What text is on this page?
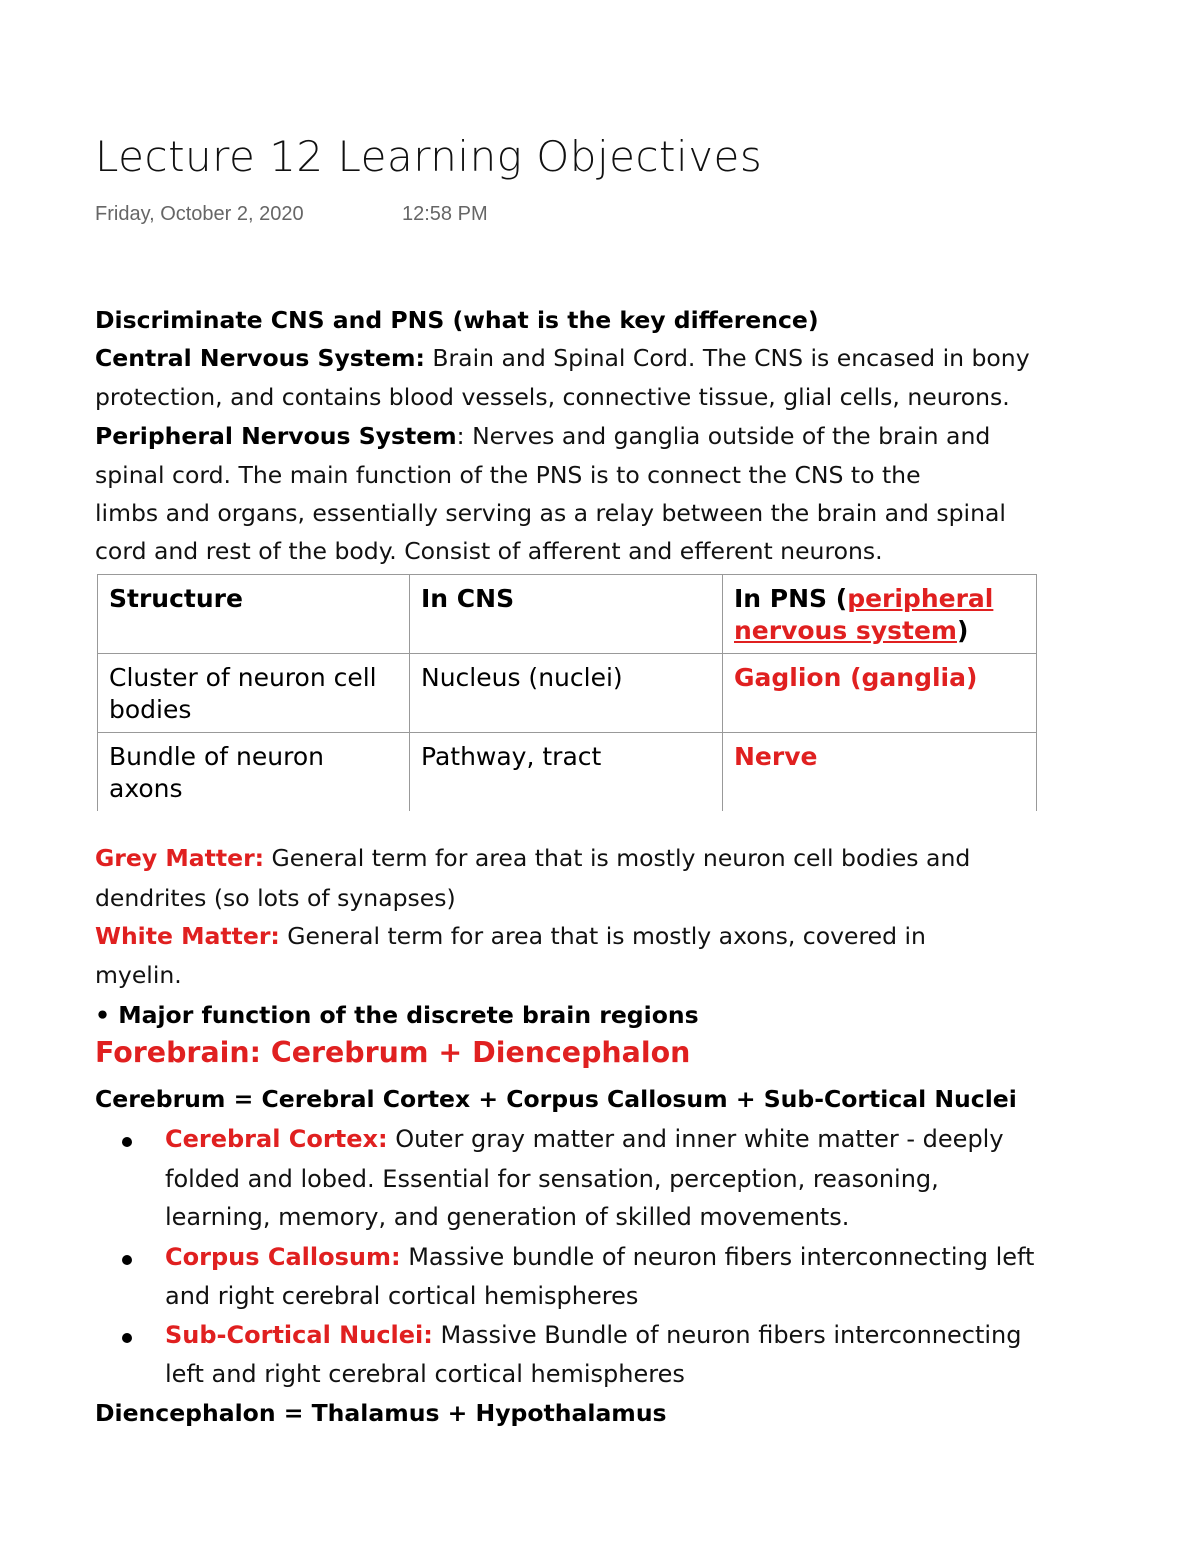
Lecture 12 Learning Objectives
Friday, October 2, 2020	12:58 PM
Discriminate CNS and PNS (what is the key difference)
Central Nervous System: Brain and Spinal Cord. The CNS is encased in bony
protection, and contains blood vessels, connective tissue, glial cells, neurons.
Peripheral Nervous System: Nerves and ganglia outside of the brain and
spinal cord. The main function of the PNS is to connect the CNS to the
limbs and organs, essentially serving as a relay between the brain and spinal
cord and rest of the body. Consist of afferent and efferent neurons.
Structure	In CNS	In PNS (peripheral nervous system)
Cluster of neuron cell bodies	Nucleus (nuclei)	Gaglion (ganglia)
Bundle of neuron axons	Pathway, tract	Nerve
Grey Matter: General term for area that is mostly neuron cell bodies and
dendrites (so lots of synapses)
White Matter: General term for area that is mostly axons, covered in
myelin.
• Major function of the discrete brain regions
Forebrain: Cerebrum + Diencephalon
Cerebrum = Cerebral Cortex + Corpus Callosum + Sub-Cortical Nuclei
Cerebral Cortex: Outer gray matter and inner white matter - deeply
folded and lobed. Essential for sensation, perception, reasoning,
learning, memory, and generation of skilled movements.
Corpus Callosum: Massive bundle of neuron fibers interconnecting left
and right cerebral cortical hemispheres
Sub-Cortical Nuclei: Massive Bundle of neuron fibers interconnecting
left and right cerebral cortical hemispheres
Diencephalon = Thalamus + Hypothalamus
